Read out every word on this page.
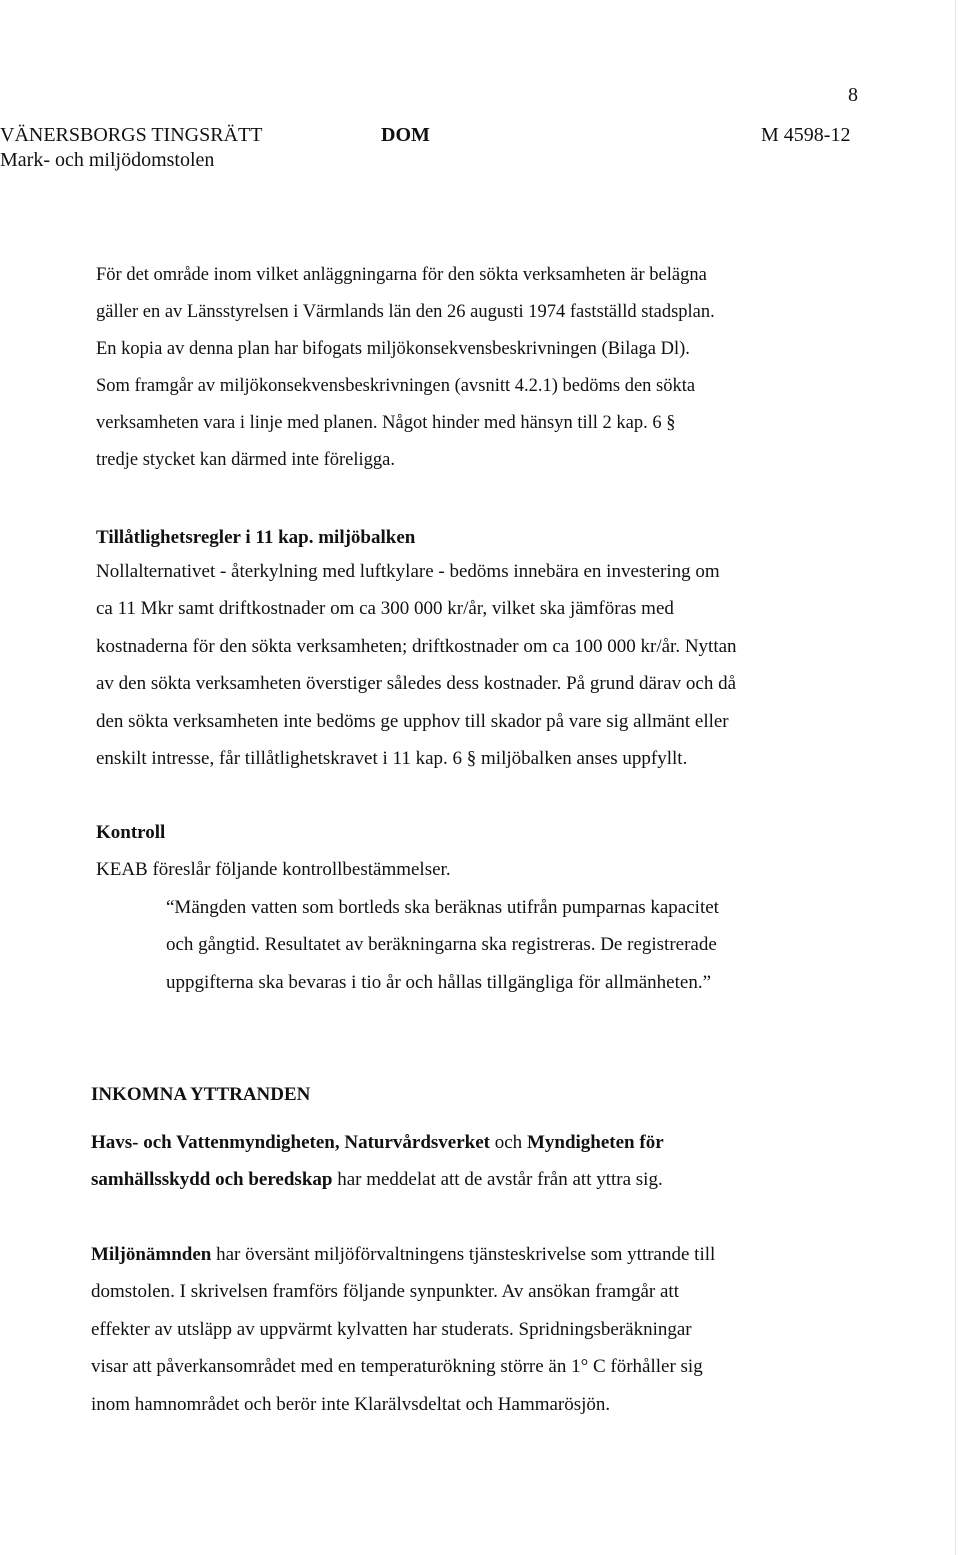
8
VÄNERSBORGS TINGSRÄTT
Mark- och miljödomstolen
DOM	M 4598-12
För det område inom vilket anläggningarna för den sökta verksamheten är belägna
gäller en av Länsstyrelsen i Värmlands län den 26 augusti 1974 fastställd stadsplan.
En kopia av denna plan har bifogats miljökonsekvensbeskrivningen (Bilaga Dl).
Som framgår av miljökonsekvensbeskrivningen (avsnitt 4.2.1) bedöms den sökta
verksamheten vara i linje med planen. Något hinder med hänsyn till 2 kap. 6 §
tredje stycket kan därmed inte föreligga.
Tillåtlighetsregler i 11 kap. miljöbalken
Nollalternativet - återkylning med luftkylare - bedöms innebära en investering om
ca 11 Mkr samt driftkostnader om ca 300 000 kr/år, vilket ska jämföras med
kostnaderna för den sökta verksamheten; driftkostnader om ca 100 000 kr/år. Nyttan
av den sökta verksamheten överstiger således dess kostnader. På grund därav och då
den sökta verksamheten inte bedöms ge upphov till skador på vare sig allmänt eller
enskilt intresse, får tillåtlighetskravet i 11 kap. 6 § miljöbalken anses uppfyllt.
Kontroll
KEAB föreslår följande kontrollbestämmelser.
“Mängden vatten som bortleds ska beräknas utifrån pumparnas kapacitet
och gångtid. Resultatet av beräkningarna ska registreras. De registrerade
uppgifterna ska bevaras i tio år och hållas tillgängliga för allmänheten.”
INKOMNA YTTRANDEN
Havs- och Vattenmyndigheten, Naturvårdsverket och Myndigheten för
samhällsskydd och beredskap har meddelat att de avstår från att yttra sig.
Miljönämnden har översänt miljöförvaltningens tjänsteskrivelse som yttrande till
domstolen. I skrivelsen framförs följande synpunkter. Av ansökan framgår att
effekter av utsläpp av uppvärmt kylvatten har studerats. Spridningsberäkningar
visar att påverkansområdet med en temperaturökning större än 1° C förhåller sig
inom hamnområdet och berör inte Klarälvsdeltat och Hammarösjön.
